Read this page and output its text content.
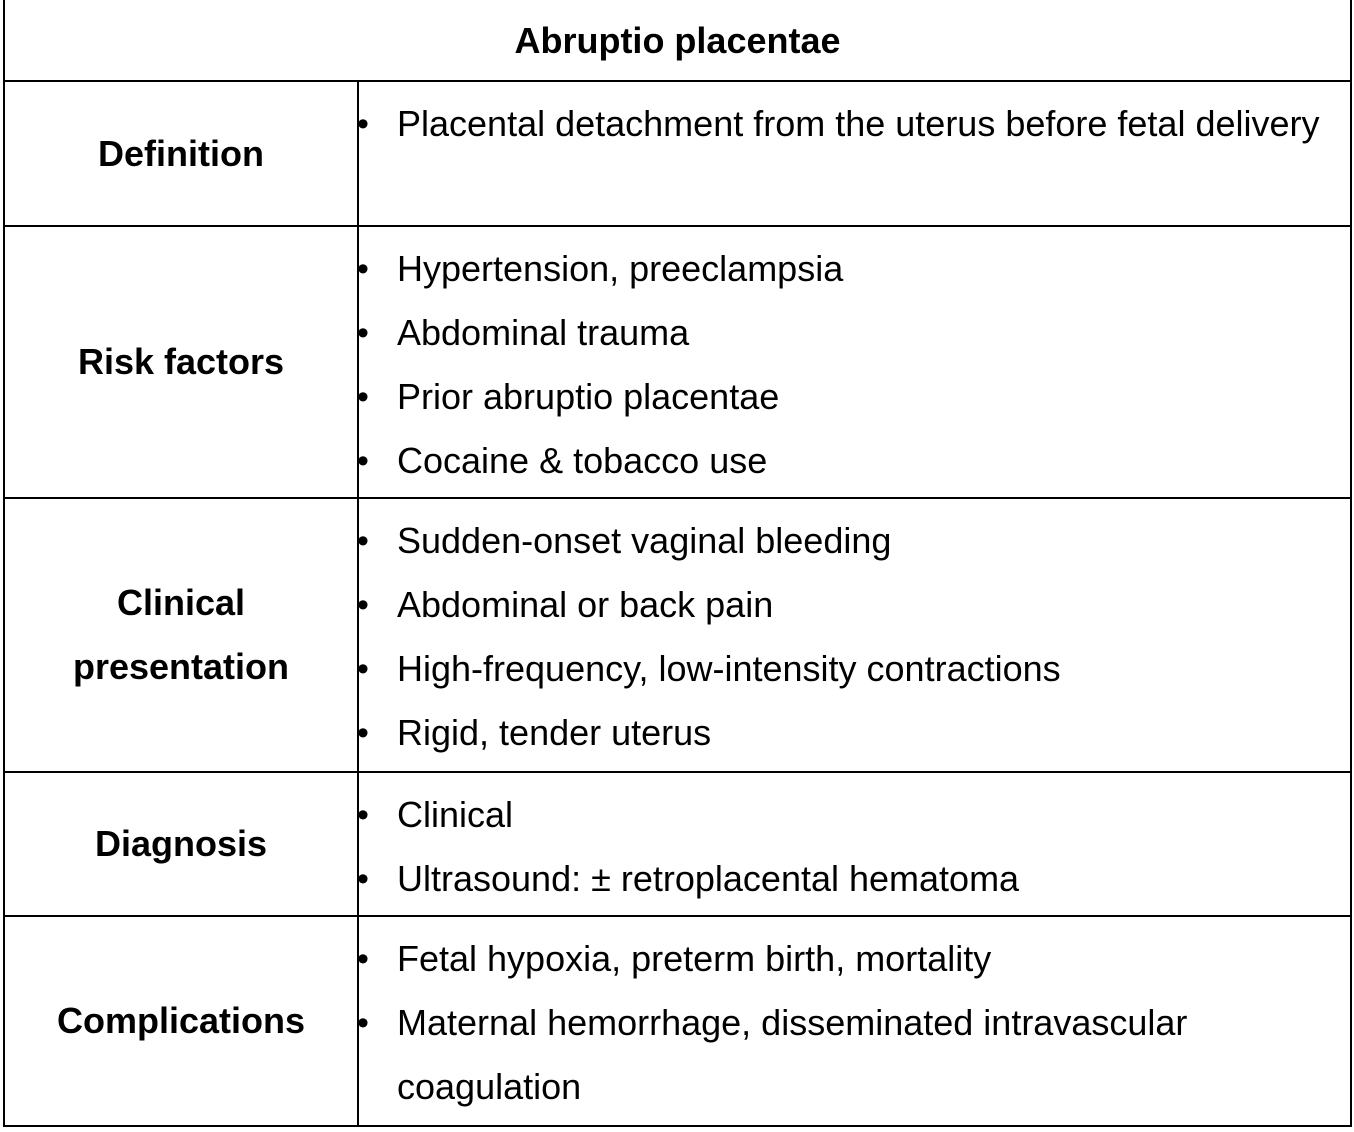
Abruptio placentae
Definition
• Placental detachment from the uterus before fetal delivery
Risk factors
• Hypertension, preeclampsia
• Abdominal trauma
• Prior abruptio placentae
• Cocaine & tobacco use
Clinical presentation
• Sudden-onset vaginal bleeding
• Abdominal or back pain
• High-frequency, low-intensity contractions
• Rigid, tender uterus
Diagnosis
• Clinical
• Ultrasound: ± retroplacental hematoma
Complications
• Fetal hypoxia, preterm birth, mortality
• Maternal hemorrhage, disseminated intravascular coagulation
